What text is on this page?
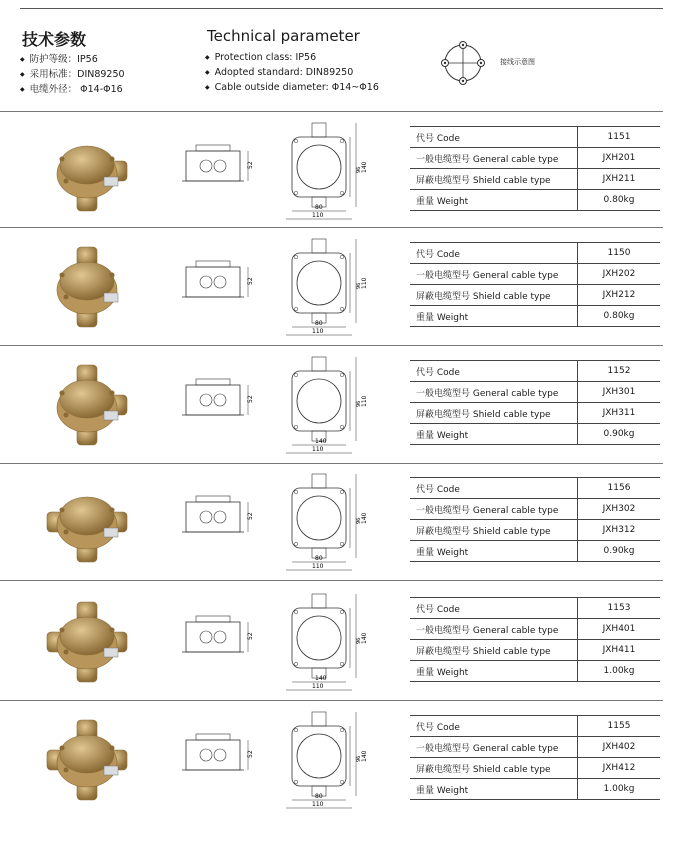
技术参数
◆ 防护等级：IP56
◆ 采用标准：DIN89250
◆ 电缆外径： Φ14-Φ16
Technical parameter
◆ Protection class: IP56
◆ Adopted standard: DIN89250
◆ Cable outside diameter: Φ14~Φ16
接线示意图
52
80
110
140
96
代号 Code	1151
一般电缆型号 General cable type	JXH201
屏蔽电缆型号 Shield cable type	JXH211
重量 Weight	0.80kg
52
80
110
110
96
代号 Code	1150
一般电缆型号 General cable type	JXH202
屏蔽电缆型号 Shield cable type	JXH212
重量 Weight	0.80kg
52
140
110
110
96
代号 Code	1152
一般电缆型号 General cable type	JXH301
屏蔽电缆型号 Shield cable type	JXH311
重量 Weight	0.90kg
52
80
110
140
96
代号 Code	1156
一般电缆型号 General cable type	JXH302
屏蔽电缆型号 Shield cable type	JXH312
重量 Weight	0.90kg
52
140
110
140
96
代号 Code	1153
一般电缆型号 General cable type	JXH401
屏蔽电缆型号 Shield cable type	JXH411
重量 Weight	1.00kg
52
80
110
140
96
代号 Code	1155
一般电缆型号 General cable type	JXH402
屏蔽电缆型号 Shield cable type	JXH412
重量 Weight	1.00kg
